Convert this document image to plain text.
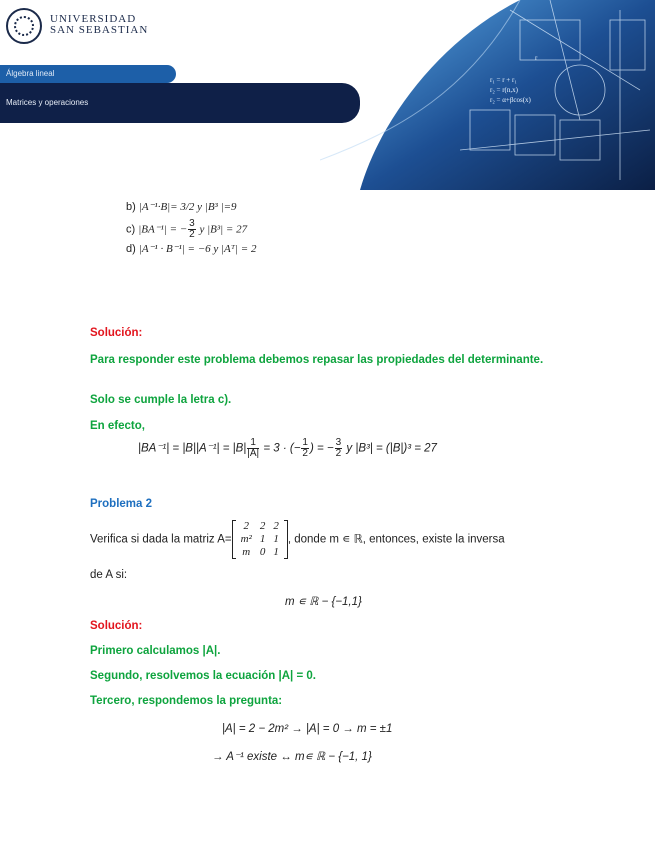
UNIVERSIDAD
SAN SEBASTIAN
Álgebra lineal
Matrices y operaciones
r₁ = r + r₁
r₂ = r(n,x)
r₂ = α+βcos(x)
r
b) |A⁻¹·B|= 3/2 y |B³ |=9
c) |BA⁻¹| = − $\frac{3}{2}$ y |B³| = 27
d) |A⁻¹ · B⁻¹| = −6 y |Aᵀ| = 2
Solución:
Para responder este problema debemos repasar las propiedades del determinante.
Solo se cumple la letra c).
En efecto,
$|BA^{-1}| = |B||A^{-1}| = |B| \frac{1}{|A|} = 3$ · (− $\frac{1}{2}$ ) = − $\frac{3}{2}$ y |B³| = (|B|)³ = 27
Problema 2
Verifica si dada la matriz A=
2	2	2
m²	1	1
m	0	1
, donde m ∊ ℝ, entonces, existe la inversa
de A si:
m ∊ ℝ − {−1,1}
Solución:
Primero calculamos |A|.
Segundo, resolvemos la ecuación |A| = 0.
Tercero, respondemos la pregunta:
|A| = 2 − 2m² → |A| = 0 → m = ±1
→ A⁻¹ existe ↔ m∊ ℝ − {−1, 1}
